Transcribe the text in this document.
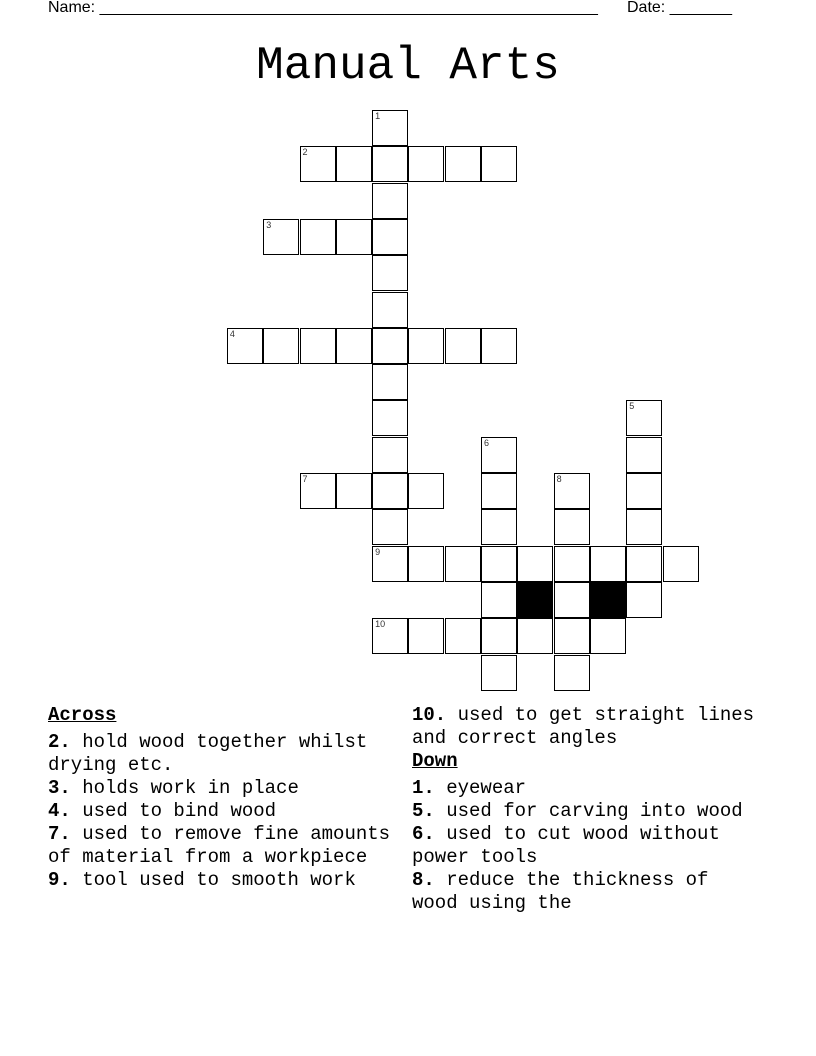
Name: ________________________________________________________ Date: _______
Manual Arts
1
2
3
4
5
6
7	8
9
10
Across
2. hold wood together whilst drying etc.
3. holds work in place
4. used to bind wood
7. used to remove fine amounts of material from a workpiece
9. tool used to smooth work
10. used to get straight lines and correct angles
Down
1. eyewear
5. used for carving into wood
6. used to cut wood without power tools
8. reduce the thickness of wood using the
